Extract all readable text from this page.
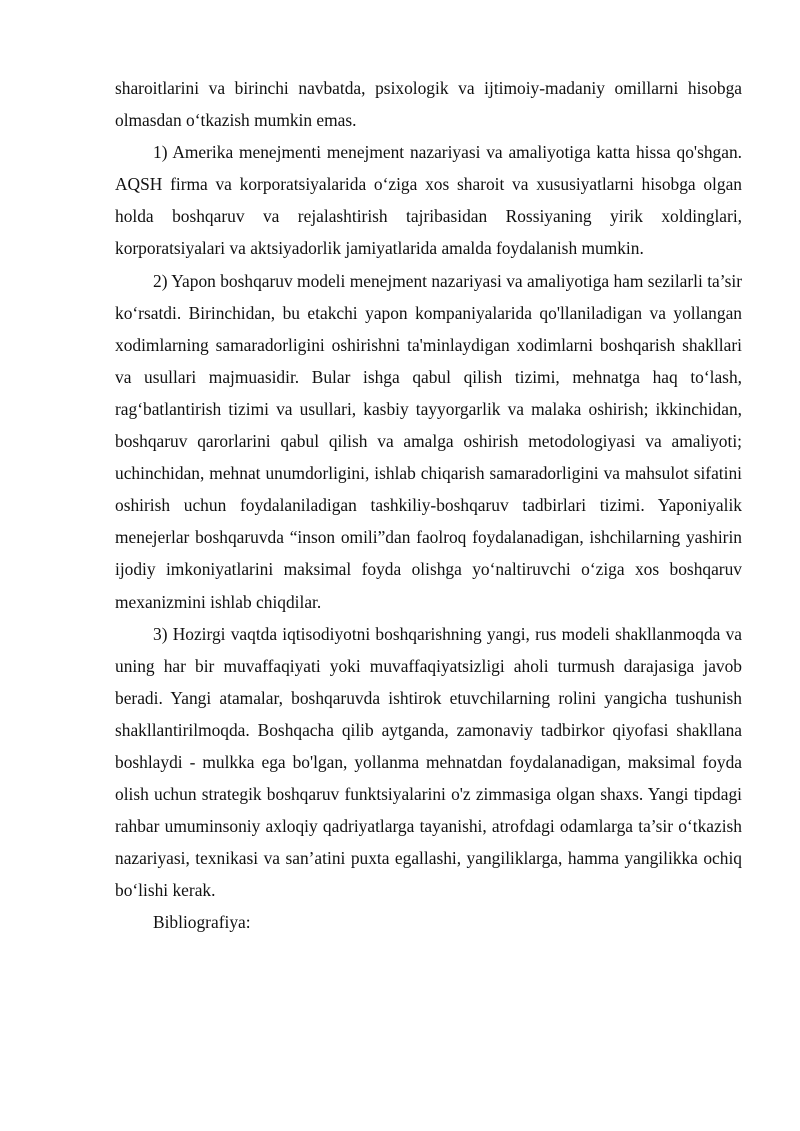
sharoitlarini va birinchi navbatda, psixologik va ijtimoiy-madaniy omillarni hisobga olmasdan o‘tkazish mumkin emas.

1) Amerika menejmenti menejment nazariyasi va amaliyotiga katta hissa qo'shgan. AQSH firma va korporatsiyalarida o‘ziga xos sharoit va xususiyatlarni hisobga olgan holda boshqaruv va rejalashtirish tajribasidan Rossiyaning yirik xoldinglari, korporatsiyalari va aktsiyadorlik jamiyatlarida amalda foydalanish mumkin.

2) Yapon boshqaruv modeli menejment nazariyasi va amaliyotiga ham sezilarli ta’sir ko‘rsatdi. Birinchidan, bu etakchi yapon kompaniyalarida qo'llaniladigan va yollangan xodimlarning samaradorligini oshirishni ta'minlaydigan xodimlarni boshqarish shakllari va usullari majmuasidir. Bular ishga qabul qilish tizimi, mehnatga haq to‘lash, rag‘batlantirish tizimi va usullari, kasbiy tayyorgarlik va malaka oshirish; ikkinchidan, boshqaruv qarorlarini qabul qilish va amalga oshirish metodologiyasi va amaliyoti; uchinchidan, mehnat unumdorligini, ishlab chiqarish samaradorligini va mahsulot sifatini oshirish uchun foydalaniladigan tashkiliy-boshqaruv tadbirlari tizimi. Yaponiyalik menejerlar boshqaruvda “inson omili”dan faolroq foydalanadigan, ishchilarning yashirin ijodiy imkoniyatlarini maksimal foyda olishga yo‘naltiruvchi o‘ziga xos boshqaruv mexanizmini ishlab chiqdilar.

3) Hozirgi vaqtda iqtisodiyotni boshqarishning yangi, rus modeli shakllanmoqda va uning har bir muvaffaqiyati yoki muvaffaqiyatsizligi aholi turmush darajasiga javob beradi. Yangi atamalar, boshqaruvda ishtirok etuvchilarning rolini yangicha tushunish shakllantirilmoqda. Boshqacha qilib aytganda, zamonaviy tadbirkor qiyofasi shakllana boshlaydi - mulkka ega bo'lgan, yollanma mehnatdan foydalanadigan, maksimal foyda olish uchun strategik boshqaruv funktsiyalarini o'z zimmasiga olgan shaxs. Yangi tipdagi rahbar umuminsoniy axloqiy qadriyatlarga tayanishi, atrofdagi odamlarga ta’sir o‘tkazish nazariyasi, texnikasi va san’atini puxta egallashi, yangiliklarga, hamma yangilikka ochiq bo‘lishi kerak.

Bibliografiya:
